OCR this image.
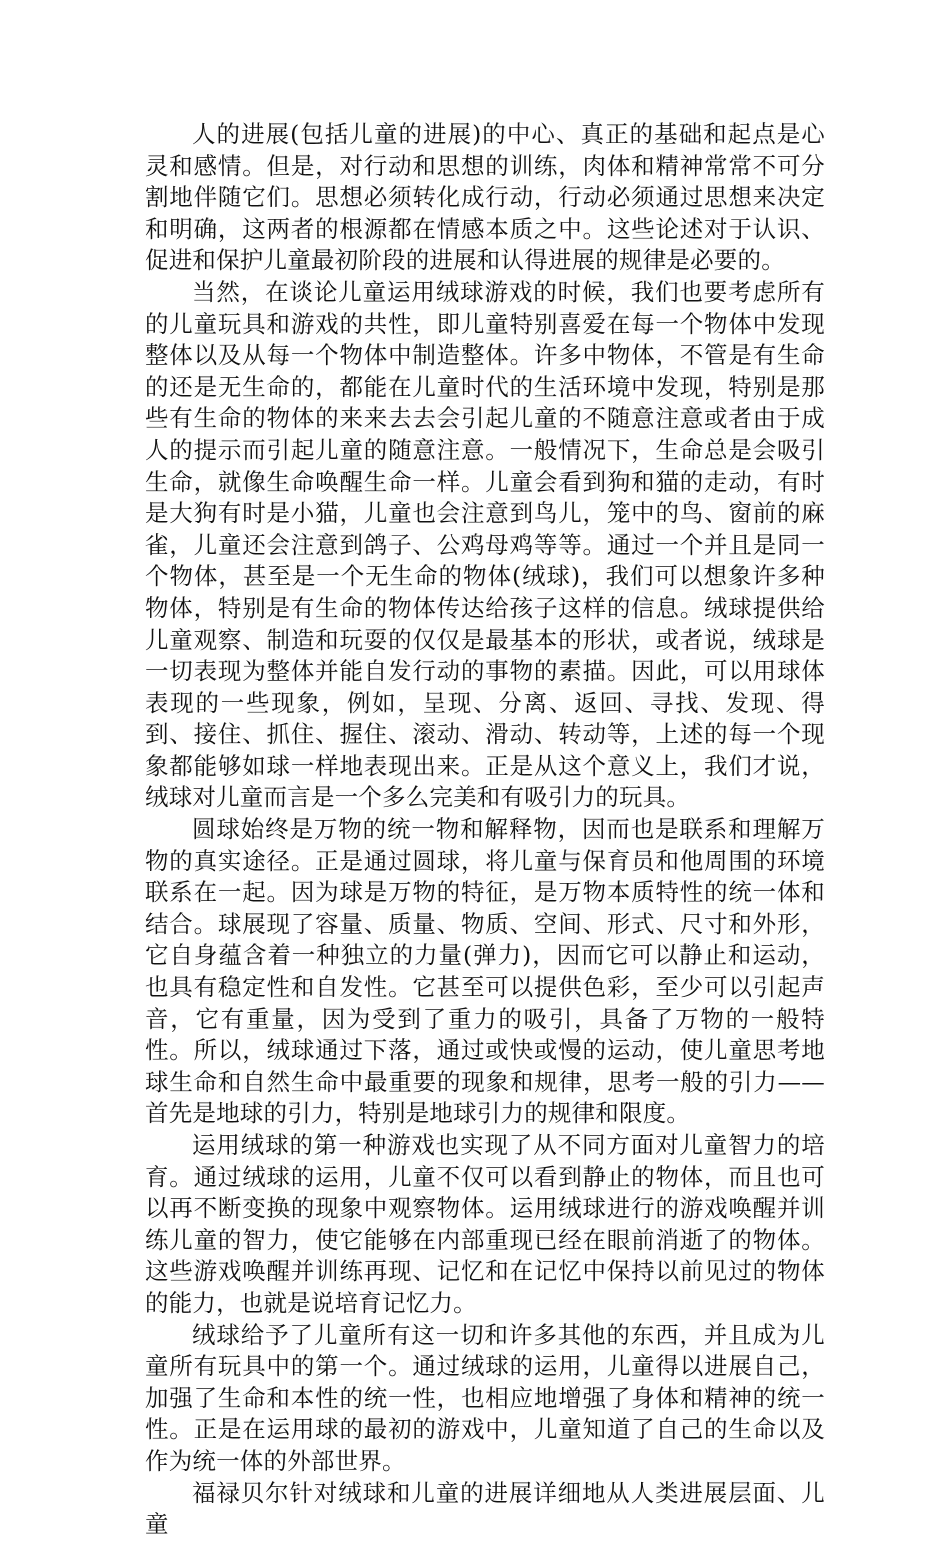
人的进展(包括儿童的进展)的中心、真正的基础和起点是心灵和感情。但是，对行动和思想的训练，肉体和精神常常不可分割地伴随它们。思想必须转化成行动，行动必须通过思想来决定和明确，这两者的根源都在情感本质之中。这些论述对于认识、促进和保护儿童最初阶段的进展和认得进展的规律是必要的。

当然，在谈论儿童运用绒球游戏的时候，我们也要考虑所有的儿童玩具和游戏的共性，即儿童特别喜爱在每一个物体中发现整体以及从每一个物体中制造整体。许多中物体，不管是有生命的还是无生命的，都能在儿童时代的生活环境中发现，特别是那些有生命的物体的来来去去会引起儿童的不随意注意或者由于成人的提示而引起儿童的随意注意。一般情况下，生命总是会吸引生命，就像生命唤醒生命一样。儿童会看到狗和猫的走动，有时是大狗有时是小猫，儿童也会注意到鸟儿，笼中的鸟、窗前的麻雀，儿童还会注意到鸽子、公鸡母鸡等等。通过一个并且是同一个物体，甚至是一个无生命的物体(绒球)，我们可以想象许多种物体，特别是有生命的物体传达给孩子这样的信息。绒球提供给儿童观察、制造和玩耍的仅仅是最基本的形状，或者说，绒球是一切表现为整体并能自发行动的事物的素描。因此，可以用球体表现的一些现象，例如，呈现、分离、返回、寻找、发现、得到、接住、抓住、握住、滚动、滑动、转动等，上述的每一个现象都能够如球一样地表现出来。正是从这个意义上，我们才说，绒球对儿童而言是一个多么完美和有吸引力的玩具。

圆球始终是万物的统一物和解释物，因而也是联系和理解万物的真实途径。正是通过圆球，将儿童与保育员和他周围的环境联系在一起。因为球是万物的特征，是万物本质特性的统一体和结合。球展现了容量、质量、物质、空间、形式、尺寸和外形，它自身蕴含着一种独立的力量(弹力)，因而它可以静止和运动，也具有稳定性和自发性。它甚至可以提供色彩，至少可以引起声音，它有重量，因为受到了重力的吸引，具备了万物的一般特性。所以，绒球通过下落，通过或快或慢的运动，使儿童思考地球生命和自然生命中最重要的现象和规律，思考一般的引力——首先是地球的引力，特别是地球引力的规律和限度。

运用绒球的第一种游戏也实现了从不同方面对儿童智力的培育。通过绒球的运用，儿童不仅可以看到静止的物体，而且也可以再不断变换的现象中观察物体。运用绒球进行的游戏唤醒并训练儿童的智力，使它能够在内部重现已经在眼前消逝了的物体。这些游戏唤醒并训练再现、记忆和在记忆中保持以前见过的物体的能力，也就是说培育记忆力。

绒球给予了儿童所有这一切和许多其他的东西，并且成为儿童所有玩具中的第一个。通过绒球的运用，儿童得以进展自己，加强了生命和本性的统一性，也相应地增强了身体和精神的统一性。正是在运用球的最初的游戏中，儿童知道了自己的生命以及作为统一体的外部世界。

福禄贝尔针对绒球和儿童的进展详细地从人类进展层面、儿童
